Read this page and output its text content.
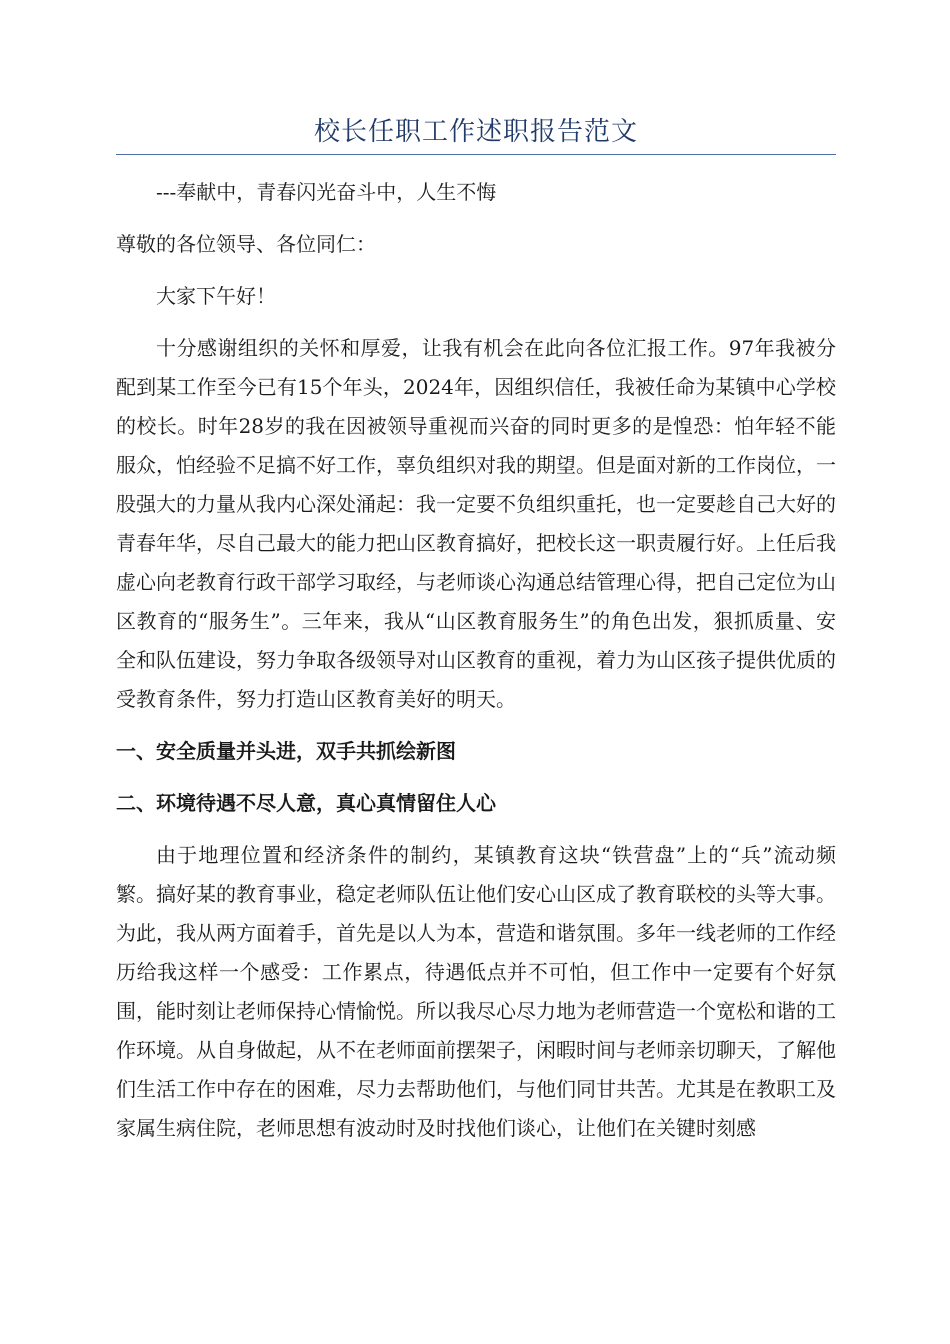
校长任职工作述职报告范文

---奉献中，青春闪光奋斗中，人生不悔

尊敬的各位领导、各位同仁：

大家下午好！

十分感谢组织的关怀和厚爱，让我有机会在此向各位汇报工作。97年我被分配到某工作至今已有15个年头，2024年，因组织信任，我被任命为某镇中心学校的校长。时年28岁的我在因被领导重视而兴奋的同时更多的是惶恐：怕年轻不能服众，怕经验不足搞不好工作，辜负组织对我的期望。但是面对新的工作岗位，一股强大的力量从我内心深处涌起：我一定要不负组织重托，也一定要趁自己大好的青春年华，尽自己最大的能力把山区教育搞好，把校长这一职责履行好。上任后我虚心向老教育行政干部学习取经，与老师谈心沟通总结管理心得，把自己定位为山区教育的“服务生”。三年来，我从“山区教育服务生”的角色出发，狠抓质量、安全和队伍建设，努力争取各级领导对山区教育的重视，着力为山区孩子提供优质的受教育条件，努力打造山区教育美好的明天。

一、安全质量并头进，双手共抓绘新图

二、环境待遇不尽人意，真心真情留住人心

由于地理位置和经济条件的制约，某镇教育这块“铁营盘”上的“兵”流动频繁。搞好某的教育事业，稳定老师队伍让他们安心山区成了教育联校的头等大事。为此，我从两方面着手，首先是以人为本，营造和谐氛围。多年一线老师的工作经历给我这样一个感受：工作累点，待遇低点并不可怕，但工作中一定要有个好氛围，能时刻让老师保持心情愉悦。所以我尽心尽力地为老师营造一个宽松和谐的工作环境。从自身做起，从不在老师面前摆架子，闲暇时间与老师亲切聊天，了解他们生活工作中存在的困难，尽力去帮助他们，与他们同甘共苦。尤其是在教职工及家属生病住院，老师思想有波动时及时找他们谈心，让他们在关键时刻感
